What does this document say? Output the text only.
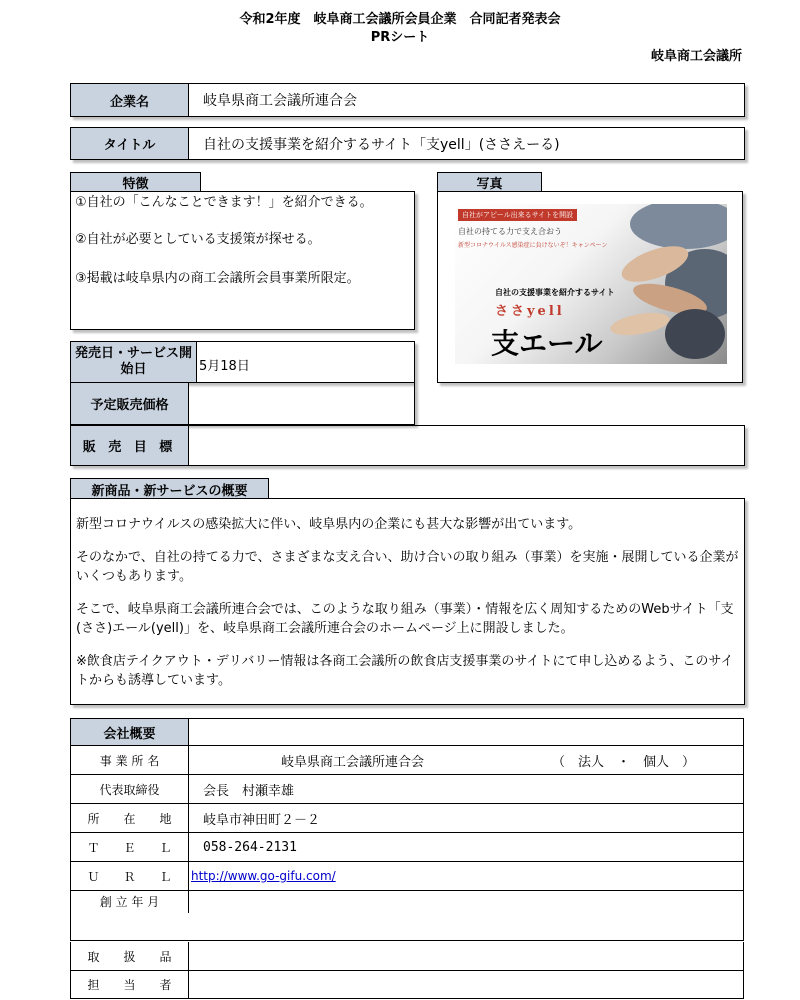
令和2年度　岐阜商工会議所会員企業　合同記者発表会
PRシート
岐阜商工会議所
企業名	岐阜県商工会議所連合会
タイトル	自社の支援事業を紹介するサイト「支yell」(ささえーる)
特徴

①自社の「こんなことできます！」を紹介できる。

②自社が必要としている支援策が探せる。

③掲載は岐阜県内の商工会議所会員事業所限定。

写真
自社がアピール出来るサイトを開設
自社の持てる力で支え合おう
新型コロナウイルス感染症に負けないぞ！キャンペーン
自社の支援事業を紹介するサイト
ささyell
支エール
発売日・サービス開始日	5月18日
予定販売価格
販 売 目 標
新商品・新サービスの概要

新型コロナウイルスの感染拡大に伴い、岐阜県内の企業にも甚大な影響が出ています。

そのなかで、自社の持てる力で、さまざまな支え合い、助け合いの取り組み（事業）を実施・展開している企業がいくつもあります。

そこで、岐阜県商工会議所連合会では、このような取り組み（事業）・情報を広く周知するためのWebサイト「支(ささ)エール(yell)」を、岐阜県商工会議所連合会のホームページ上に開設しました。

※飲食店テイクアウト・デリバリー情報は各商工会議所の飲食店支援事業のサイトにて申し込めるよう、このサイトからも誘導しています。

会社概要
事 業 所 名	岐阜県商工会議所連合会	（　法人　・　個人　）
代表取締役	会長　村瀬幸雄
所　　在　　地	岐阜市神田町２－２
Ｔ　　Ｅ　　Ｌ	058-264-2131
Ｕ　　Ｒ　　Ｌ	http://www.go-gifu.com/
創 立 年 月
取　　扱　　品
担　　当　　者
